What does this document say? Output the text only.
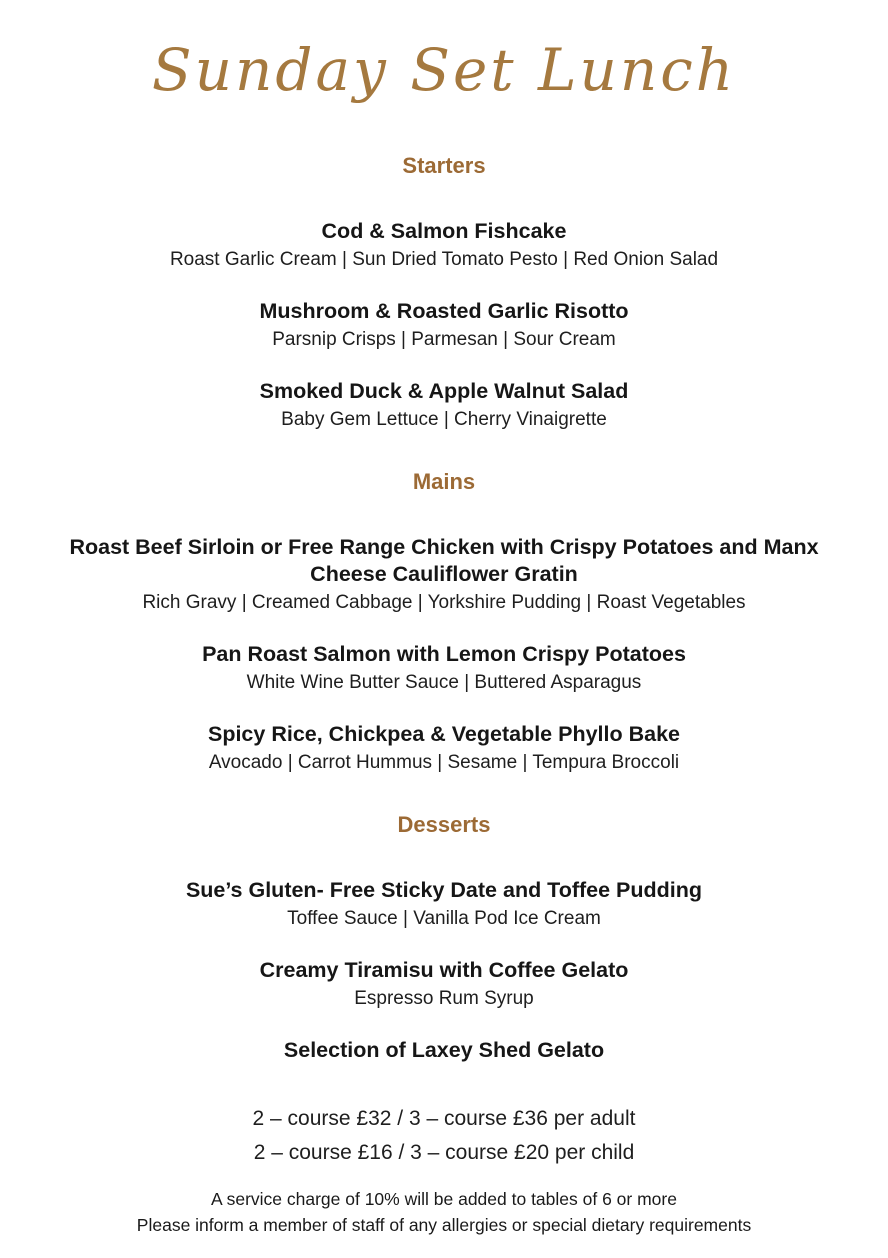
Sunday Set Lunch
Starters
Cod & Salmon Fishcake
Roast Garlic Cream | Sun Dried Tomato Pesto | Red Onion Salad
Mushroom & Roasted Garlic Risotto
Parsnip Crisps | Parmesan | Sour Cream
Smoked Duck & Apple Walnut Salad
Baby Gem Lettuce | Cherry Vinaigrette
Mains
Roast Beef Sirloin or Free Range Chicken with Crispy Potatoes and Manx Cheese Cauliflower Gratin
Rich Gravy | Creamed Cabbage | Yorkshire Pudding | Roast Vegetables
Pan Roast Salmon with Lemon Crispy Potatoes
White Wine Butter Sauce | Buttered Asparagus
Spicy Rice, Chickpea & Vegetable Phyllo Bake
Avocado | Carrot Hummus | Sesame | Tempura Broccoli
Desserts
Sue’s Gluten- Free Sticky Date and Toffee Pudding
Toffee Sauce | Vanilla Pod Ice Cream
Creamy Tiramisu with Coffee Gelato
Espresso Rum Syrup
Selection of Laxey Shed Gelato
2 – course £32 / 3 – course £36 per adult
2 – course £16 / 3 – course £20 per child
A service charge of 10% will be added to tables of 6 or more
Please inform a member of staff of any allergies or special dietary requirements
